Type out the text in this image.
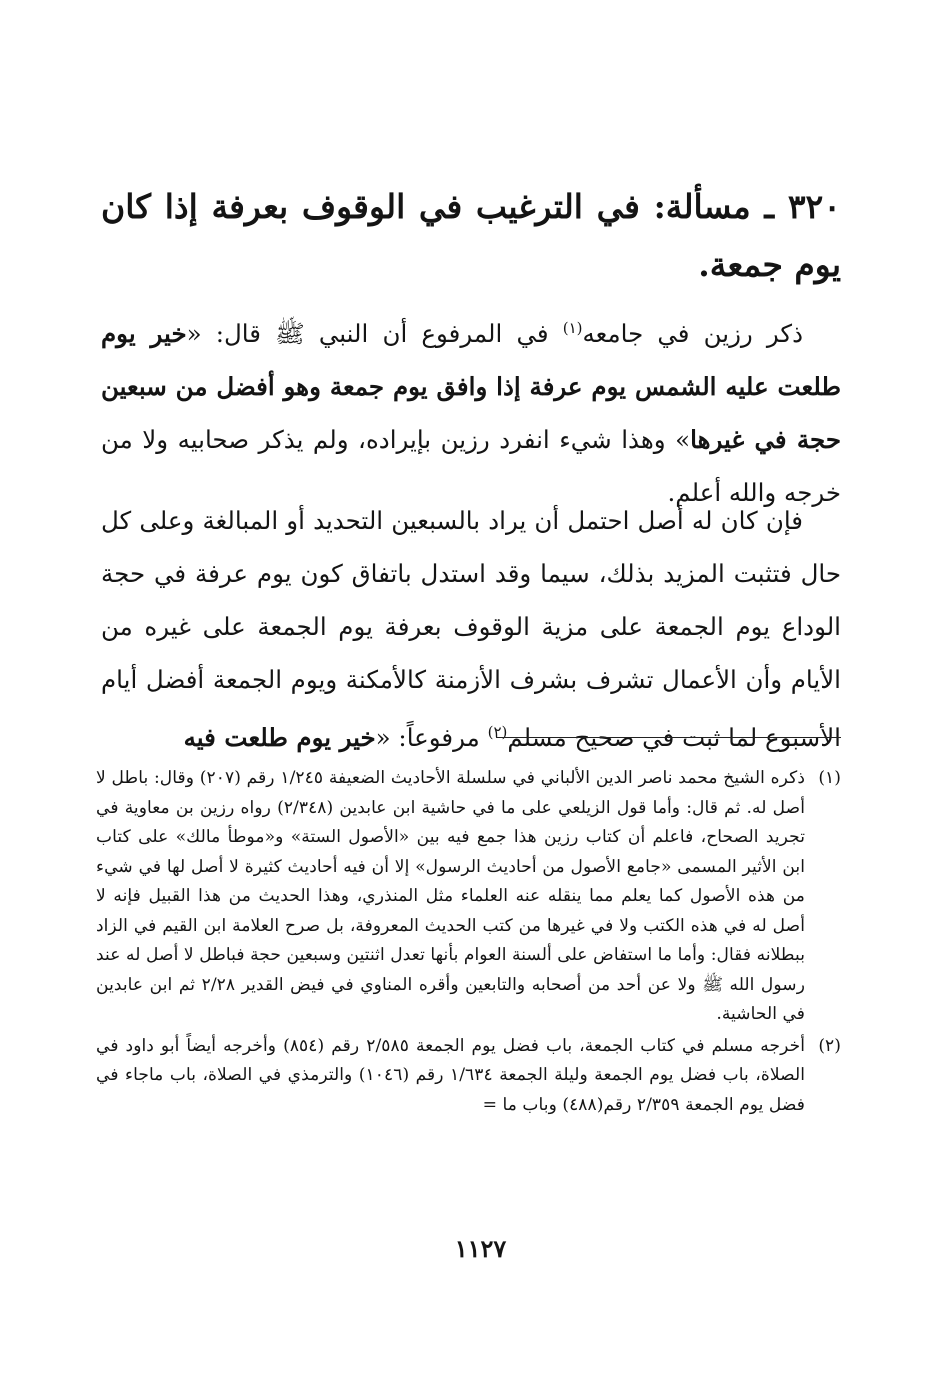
٣٢٠ ـ مسألة: في الترغيب في الوقوف بعرفة إذا كان يوم جمعة.
ذكر رزين في جامعه$^{(١)}$ في المرفوع أن النبي ﷺ قال: «خير يوم طلعت عليه الشمس يوم عرفة إذا وافق يوم جمعة وهو أفضل من سبعين حجة في غيرها» وهذا شيء انفرد رزين بإيراده، ولم يذكر صحابيه ولا من خرجه والله أعلم.
فإن كان له أصل احتمل أن يراد بالسبعين التحديد أو المبالغة وعلى كل حال فتثبت المزيد بذلك، سيما وقد استدل باتفاق كون يوم عرفة في حجة الوداع يوم الجمعة على مزية الوقوف بعرفة يوم الجمعة على غيره من الأيام وأن الأعمال تشرف بشرف الأزمنة كالأمكنة ويوم الجمعة أفضل أيام الأسبوع لما ثبت في صحيح مسلم$^{(٢)}$ مرفوعاً: «خير يوم طلعت فيه
(١)
ذكره الشيخ محمد ناصر الدين الألباني في سلسلة الأحاديث الضعيفة ١/٢٤٥ رقم (٢٠٧) وقال: باطل لا أصل له. ثم قال: وأما قول الزيلعي على ما في حاشية ابن عابدين (٢/٣٤٨) رواه رزين بن معاوية في تجريد الصحاح، فاعلم أن كتاب رزين هذا جمع فيه بين «الأصول الستة» و«موطأ مالك» على كتاب ابن الأثير المسمى «جامع الأصول من أحاديث الرسول» إلا أن فيه أحاديث كثيرة لا أصل لها في شيء من هذه الأصول كما يعلم مما ينقله عنه العلماء مثل المنذري، وهذا الحديث من هذا القبيل فإنه لا أصل له في هذه الكتب ولا في غيرها من كتب الحديث المعروفة، بل صرح العلامة ابن القيم في الزاد ببطلانه فقال: وأما ما استفاض على ألسنة العوام بأنها تعدل اثنتين وسبعين حجة فباطل لا أصل له عند رسول الله ﷺ ولا عن أحد من أصحابه والتابعين وأقره المناوي في فيض القدير ٢/٢٨ ثم ابن عابدين في الحاشية.
(٢)
أخرجه مسلم في كتاب الجمعة، باب فضل يوم الجمعة ٢/٥٨٥ رقم (٨٥٤) وأخرجه أيضاً أبو داود في الصلاة، باب فضل يوم الجمعة وليلة الجمعة ١/٦٣٤ رقم (١٠٤٦) والترمذي في الصلاة، باب ماجاء في فضل يوم الجمعة ٢/٣٥٩ رقم(٤٨٨) وباب ما =
١١٢٧
